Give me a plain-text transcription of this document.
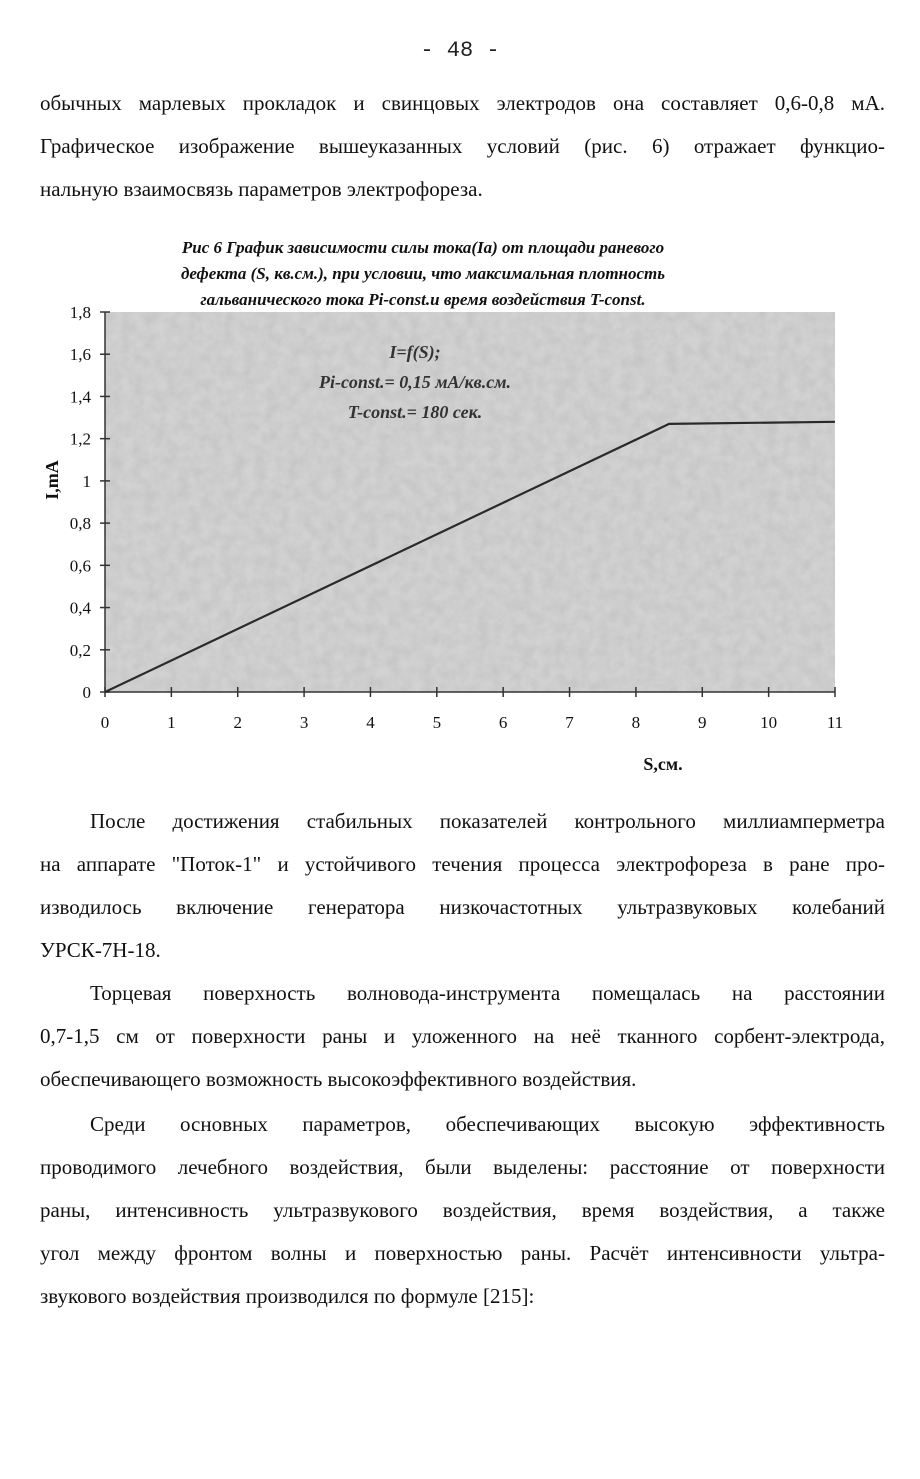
- 48 -
обычных марлевых прокладок и свинцовых электродов она составляет 0,6-0,8 мА.
Графическое изображение вышеуказанных условий (рис. 6) отражает функцио-
нальную взаимосвязь параметров электрофореза.
Рис 6 График зависимости силы тока(Ia) от площади раневого
дефекта (S, кв.см.), при условии, что максимальная плотность
гальванического тока Pi-const.и время воздействия T-const.
0
0,2
0,4
0,6
0,8
1
1,2
1,4
1,6
1,8
0	1	2	3	4	5	6	7	8	9	10	11
I=f(S);
Pi-const.= 0,15 мА/кв.см.
T-const.= 180 сек.
I,mA
S,см.
После достижения стабильных показателей контрольного миллиамперметра
на аппарате "Поток-1" и устойчивого течения процесса электрофореза в ране про-
изводилось включение генератора низкочастотных ультразвуковых колебаний
УРСК-7Н-18.
Торцевая поверхность волновода-инструмента помещалась на расстоянии
0,7-1,5 см от поверхности раны и уложенного на неё тканного сорбент-электрода,
обеспечивающего возможность высокоэффективного воздействия.
Среди основных параметров, обеспечивающих высокую эффективность
проводимого лечебного воздействия, были выделены: расстояние от поверхности
раны, интенсивность ультразвукового воздействия, время воздействия, а также
угол между фронтом волны и поверхностью раны. Расчёт интенсивности ультра-
звукового воздействия производился по формуле [215]:
